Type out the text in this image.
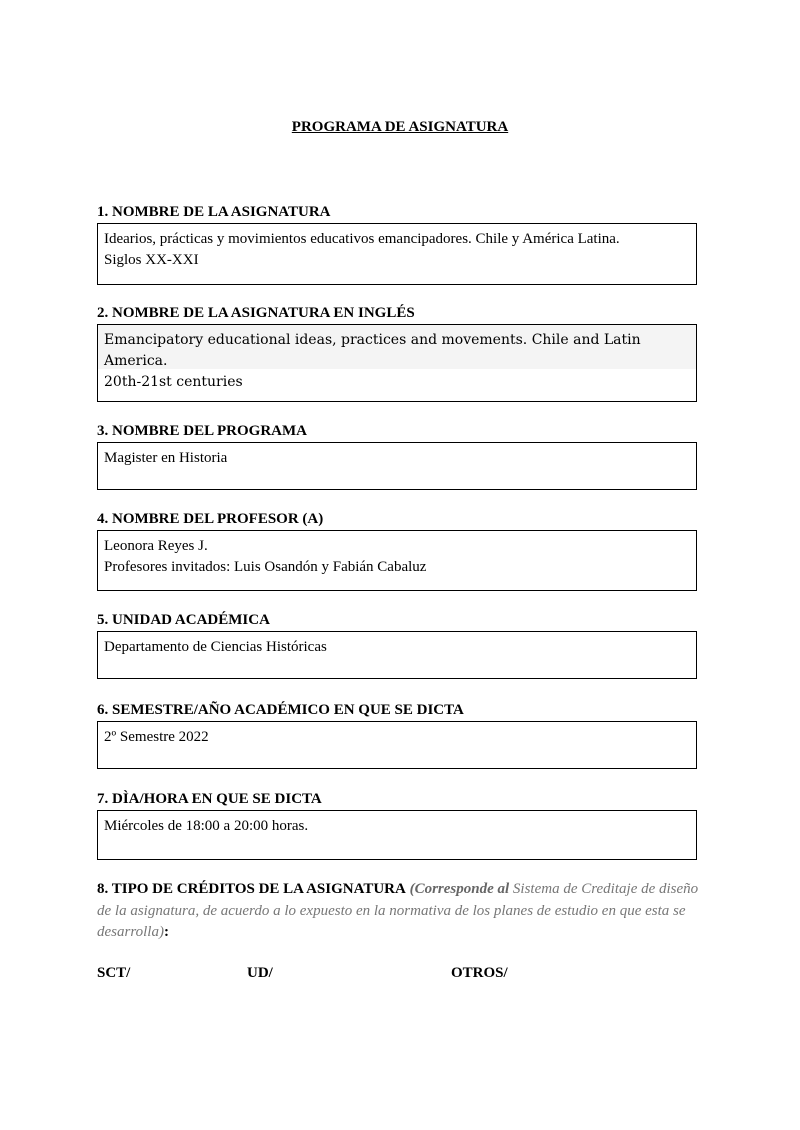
PROGRAMA DE ASIGNATURA
1. NOMBRE DE LA ASIGNATURA
Idearios, prácticas y movimientos educativos emancipadores. Chile y América Latina.
Siglos XX-XXI
2. NOMBRE DE LA ASIGNATURA EN INGLÉS
Emancipatory educational ideas, practices and movements. Chile and Latin America.
20th-21st centuries
3. NOMBRE DEL PROGRAMA
Magister en Historia
4. NOMBRE DEL PROFESOR (A)
Leonora Reyes J.
Profesores invitados: Luis Osandón y Fabián Cabaluz
5. UNIDAD ACADÉMICA
Departamento de Ciencias Históricas
6. SEMESTRE/AÑO ACADÉMICO EN QUE SE DICTA
2º Semestre 2022
7. DÌA/HORA EN QUE SE DICTA
Miércoles de 18:00 a 20:00 horas.
8. TIPO DE CRÉDITOS DE LA ASIGNATURA (Corresponde al Sistema de Creditaje de diseño de la asignatura, de acuerdo a lo expuesto en la normativa de los planes de estudio en que esta se desarrolla):
SCT/	UD/	OTROS/
